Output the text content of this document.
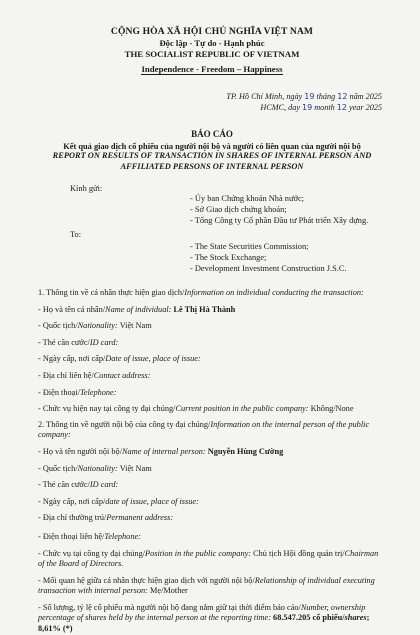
CỘNG HÒA XÃ HỘI CHỦ NGHĨA VIỆT NAM
Độc lập - Tự do - Hạnh phúc
THE SOCIALIST REPUBLIC OF VIETNAM
Independence - Freedom – Happiness
TP. Hồ Chí Minh, ngày 19 tháng 12 năm 2025
HCMC, day 19 month 12 year 2025
BÁO CÁO
Kết quả giao dịch cổ phiếu của người nội bộ và người có liên quan của người nội bộ
REPORT ON RESULTS OF TRANSACTION IN SHARES OF INTERNAL PERSON AND
AFFILIATED PERSONS OF INTERNAL PERSON
Kính gửi:
- Ủy ban Chứng khoán Nhà nước;
- Sở Giao dịch chứng khoán;
- Tổng Công ty Cổ phần Đầu tư Phát triển Xây dựng.
To:
- The State Securities Commission;
- The Stock Exchange;
- Development Investment Construction J.S.C.
1. Thông tin về cá nhân thực hiện giao dịch/Information on individual conducting the transaction:
- Họ và tên cá nhân/Name of individual: Lê Thị Hà Thành
- Quốc tịch/Nationality: Việt Nam
- Thẻ căn cước/ID card:
- Ngày cấp, nơi cấp/Date of issue, place of issue:
- Địa chỉ liên hệ/Contact address:
- Điện thoại/Telephone:
- Chức vụ hiện nay tại công ty đại chúng/Current position in the public company: Không/None
2. Thông tin về người nội bộ của công ty đại chúng/Information on the internal person of the public company:
- Họ và tên người nội bộ/Name of internal person: Nguyễn Hùng Cường
- Quốc tịch/Nationality: Việt Nam
- Thẻ căn cước/ID card:
- Ngày cấp, nơi cấp/date of issue, place of issue:
- Địa chỉ thường trú/Permanent address:
- Điện thoại liên hệ/Telephone:
- Chức vụ tại công ty đại chúng/Position in the public company: Chủ tịch Hội đồng quản trị/Chairman of the Board of Directors.
- Mối quan hệ giữa cá nhân thực hiện giao dịch với người nội bộ/Relationship of individual executing transaction with internal person: Mẹ/Mother
- Số lượng, tỷ lệ cổ phiếu mà người nội bộ đang nắm giữ tại thời điểm báo cáo/Number, ownership percentage of shares held by the internal person at the reporting time: 68.547.205 cổ phiếu/shares; 8,61% (*)
